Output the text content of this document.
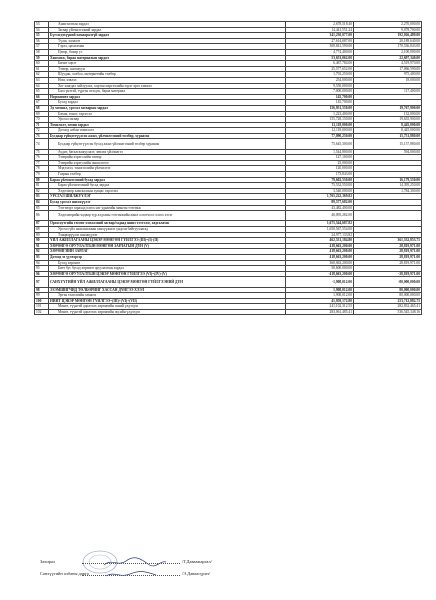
53	Ашиглалтын зардал	2,678,518.40	2,270,000.00
54	Засвар үйлчилгээний зардал	14,441,551.24	9,078,700.00
55	Бүтээгдэхүүний хамааралгүй зардал	341,230,077.00	192,026,489.00
56	Түлш, халаалт	27,614,087.00	20,189,640.00
57	Гэрэл, цахилгаан	308,841,590.00	170,536,843.00
58	Цэвэр, бохир ус	4,774,400.00	2,100,000.00
59	Хангамж, бараа материалын зардал	53,653,062.00	22,697,340.00
60	Бичиг хэрэг	6,467,784.00	4,519,970.00
61	Тээвэр, шатахуун	25,577,652.00	17,066,590.00
62	Шуудан, холбоо, интернетийн төлбөр	1,792,250.00	975,400.00
63	Ном, хэвлэл	254,000.00	18,000.00
64	Хог хаягдал зайлуулах, хортон мэргэчлийн эсрэг арга хэмжээ	9,550,000.00	
65	Бага үнэтэй, түргэн элэгдэх, бараа материал	7,000,000.00	117,400.00
66	Нормативт зардал	145,700.00	
67	Бусад зардал	145,700.00	
68	Эд хогшил, урсгал засварын зардал	156,951,550.00	19,767,900.00
69	Багаж, тоног, хэрэгсэл	1,223,400.00	132,000.00
70	Урсгал засвар	155,728,150.00	19,635,900.00
71	Томилолт, зочин зардал	12,118,000.00	8,445,000.00
72	Дотоод албан томилолт	12,118,000.00	8,445,000.00
73	Бусдаар гүйцэтгүүлсэн ажил, үйлчилгээний төлбөр, хураамж	77,090,250.00	15,751,880.00
74	Бусдаар гүйцэтгүүлсэн бусад ажил үйлчилгээний төлбөр хураамж	75,645,300.00	15,157,880.00
75	Аудит, баталгаажуулалт, зөвлөх үйлчилгээ	1,544,800.00	594,000.00
76	Тээврийн хэрэгслийн татвар	127,100.00	
77	Тээврийн хэрэгслийн оношлогоо	25,000.00	
78	Мэдээлэл, тоноглолийн үйлчилгээ	120,000.00	
79	Газрын төлбөр	173,843.00	
80	Бараа үйлчилгээний бусад зардал	79,602,550.00	16,179,550.00
81	Бараа үйлчилгээний бусад зардал	75,532,550.00	14,395,250.00
82	Хөдөлмөр хамгааллын хувцас хэрэглэл	3,540,000.00	1,784,300.00
83	УРСГАЛ ШИЛЖҮҮЛЭГ	1,765,222,369.82	
84	Бусад урсгал шилжүүлэг	89,577,682.00	
85	Тэтгэвэрт гарахад олгох нэг удаагийн мөнгөн тэтгэмж	43,482,400.00	
86	Хөдөлмөрийн чадвар түр алдсаны тэтгэмжийн ажил олгогчоос олгох хэсэг	46,095,282.00	
87	Орон нутгийн төсөвт хэмжээний засвар/гадаад шинэ тэтгэлэг, хадгаламж	1,675,544,687.82	
88	Урсгал үйл ажиллагааны санхүүжилт үндсэн байгууллагад	1,650,567,554.00	
89	Тэнцвэрүүлэх шилжүүлэг	24,977,133.82	
90	ҮЙЛ АЖИЛЛАГААНЫ ЦЭВЭР МӨНГӨН ГҮЙЛГЭЭ (III)=(I)-(II)	462,531,184.80	361,532,853.75
91	ХӨРӨНГӨ ОРУУЛАЛТЫН МӨНГӨН ЗАРЛАГЫН ДҮН (V)	418,663,200.00	28,819,971.00
92	ХӨРӨНГИЙН ЗАРЛАГ	418,663,200.00	28,819,971.00
93	Дотоод эх үүсвэрээр	418,663,200.00	28,819,971.00
94	Бусад хөрөнгө	360,063,200.00	28,819,971.00
95	Биет бус бусад хөрөнгө оруулалтын зардал	58,600,000.00	
96	ХӨРӨНГӨ ОРУУЛАЛТЫН ЦЭВЭР МӨНГӨН ГҮЙЛГЭЭ (VI)=(IV)-(V)	-418,663,200.00	-28,819,971.00
97	САНХҮҮГИЙН ҮЙЛ АЖИЛЛАГААНЫ ЦЭВЭР МӨНГӨН ГҮЙЛГЭЭНИЙ ДҮН	-1,908,012.00	-80,000,000.00
98	ЭЗЭМШИГЧИД ТӨЛБӨРИЙГ ХАССАН ДҮНГЭЭ ХЭЭЛ	1,908,012.00	80,000,000.00
99	Эргэн төлөлтийн хэмжээ	1,908,012.00	80,000,000.00
100	НИЙТ ЦЭВЭР МӨНГӨН ГҮЙЛГЭЭ=(III)+(VI)+(VII)	41,959,172.80	253,712,882.75
101	Мөнгө, түүнтэй адилтгах хөрөнгийн эхний үлдэгдэл	241,102,312.55	282,832,465.41
102	Мөнгө, түүнтэй адилтгах хөрөнгийн эцсийн үлдэгдэл	283,061,485.41	536,545,348.16
Захирал	/Т.Даваажаргал/
Санхүүгийн албаны дарга	/Э.Даваасүрэн/
